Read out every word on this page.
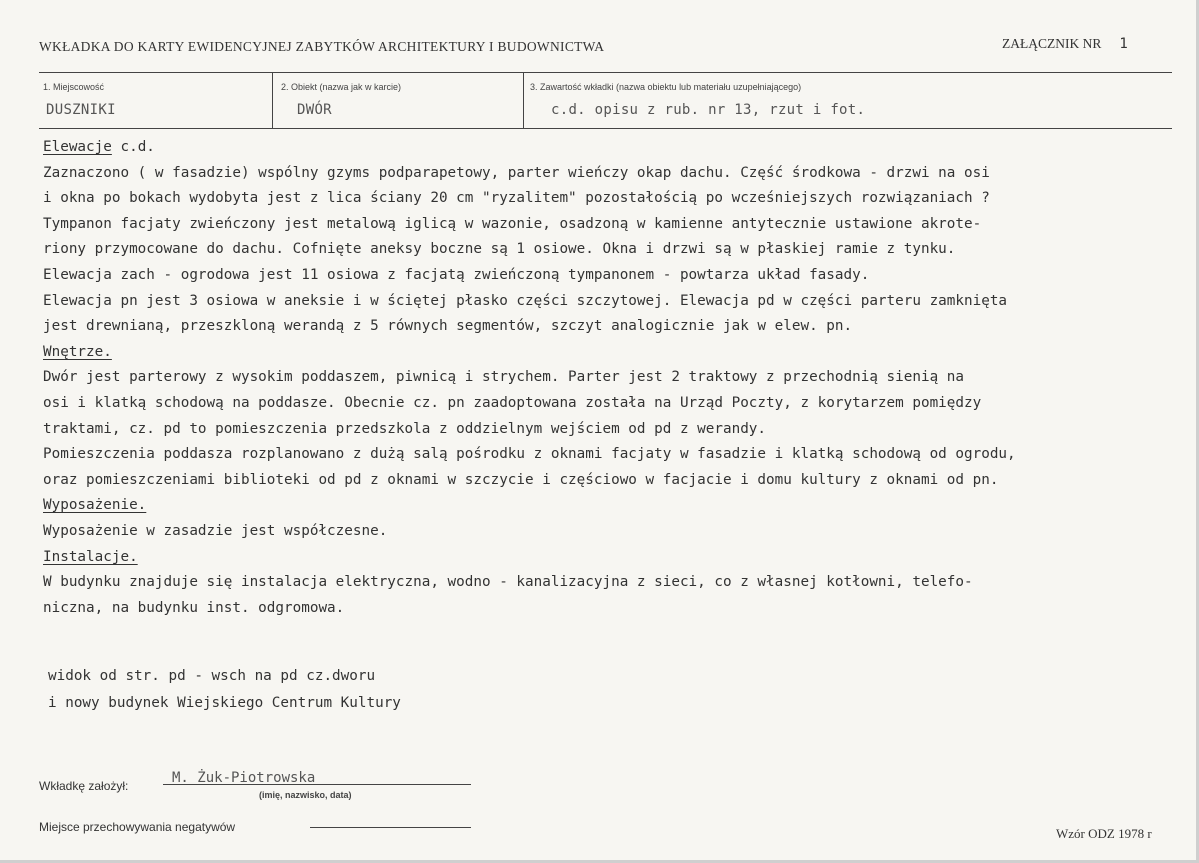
WKŁADKA DO KARTY EWIDENCYJNEJ ZABYTKÓW ARCHITEKTURY I BUDOWNICTWA	ZAŁĄCZNIK NR 1
1. Miejscowość
DUSZNIKI
2. Obiekt (nazwa jak w karcie)
DWÓR
3. Zawartość wkładki (nazwa obiektu lub materiału uzupełniającego)
c.d. opisu z rub. nr 13, rzut i fot.
Elewacje c.d.
Zaznaczono ( w fasadzie) wspólny gzyms podparapetowy, parter wieńczy okap dachu. Część środkowa - drzwi na osi
i okna po bokach wydobyta jest z lica ściany 20 cm "ryzalitem" pozostałością po wcześniejszych rozwiązaniach ?
Tympanon facjaty zwieńczony jest metalową iglicą w wazonie, osadzoną w kamienne antytecznie ustawione akrote-
riony przymocowane do dachu. Cofnięte aneksy boczne są 1 osiowe. Okna i drzwi są w płaskiej ramie z tynku.
Elewacja zach - ogrodowa jest 11 osiowa z facjatą zwieńczoną tympanonem - powtarza układ fasady.
Elewacja pn jest 3 osiowa w aneksie i w ściętej płasko części szczytowej. Elewacja pd w części parteru zamknięta
jest drewnianą, przeszkloną werandą z 5 równych segmentów, szczyt analogicznie jak w elew. pn.
Wnętrze.
Dwór jest parterowy z wysokim poddaszem, piwnicą i strychem. Parter jest 2 traktowy z przechodnią sienią na
osi i klatką schodową na poddasze. Obecnie cz. pn zaadoptowana została na Urząd Poczty, z korytarzem pomiędzy
traktami, cz. pd to pomieszczenia przedszkola z oddzielnym wejściem od pd z werandy.
Pomieszczenia poddasza rozplanowano z dużą salą pośrodku z oknami facjaty w fasadzie i klatką schodową od ogrodu,
oraz pomieszczeniami biblioteki od pd z oknami w szczycie i częściowo w facjacie i domu kultury z oknami od pn.
Wyposażenie.
Wyposażenie w zasadzie jest współczesne.
Instalacje.
W budynku znajduje się instalacja elektryczna, wodno - kanalizacyjna z sieci, co z własnej kotłowni, telefo-
niczna, na budynku inst. odgromowa.
widok od str. pd - wsch na pd cz.dworu
i nowy budynek Wiejskiego Centrum Kultury
Wkładkę założył:	M. Żuk-Piotrowska
(imię, nazwisko, data)
Miejsce przechowywania negatywów	Wzór ODZ 1978 r
